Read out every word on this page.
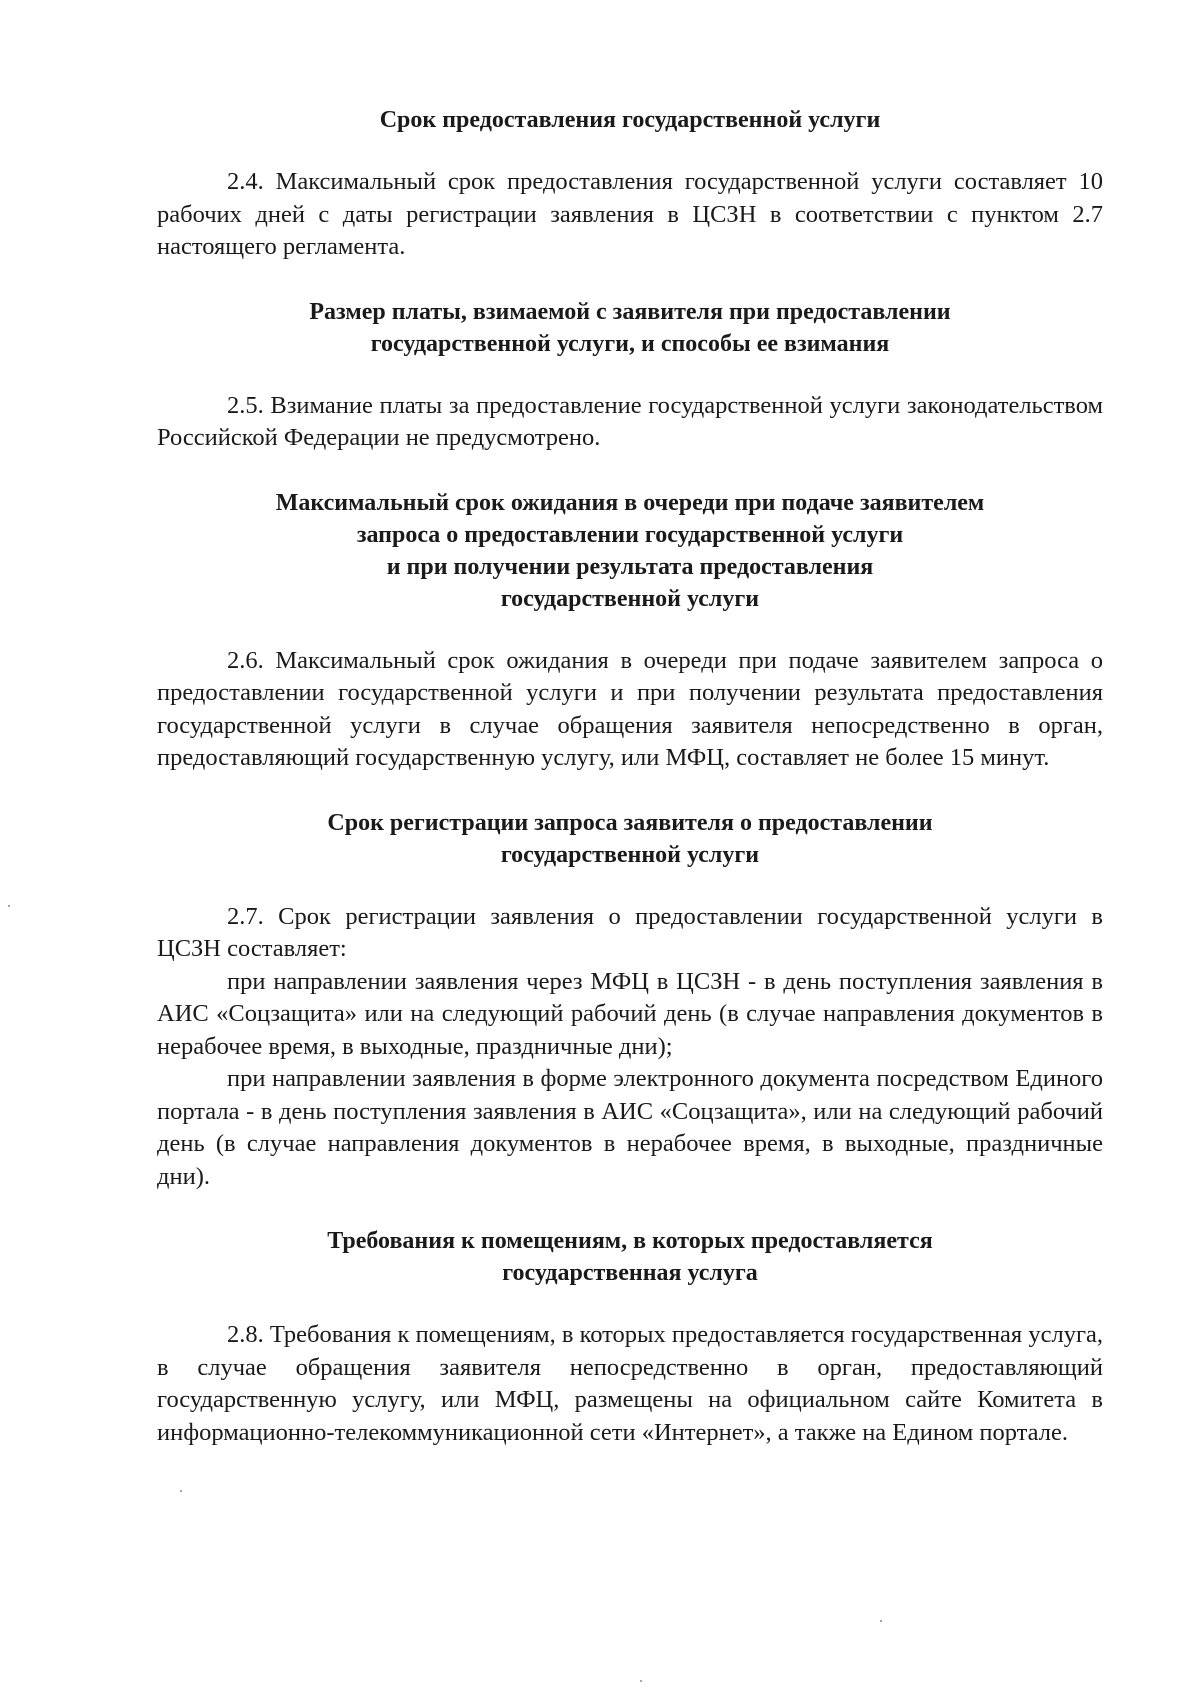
Срок предоставления государственной услуги

2.4. Максимальный срок предоставления государственной услуги составляет 10 рабочих дней с даты регистрации заявления в ЦСЗН в соответствии с пунктом 2.7 настоящего регламента.

Размер платы, взимаемой с заявителя при предоставлении
государственной услуги, и способы ее взимания

2.5. Взимание платы за предоставление государственной услуги законодательством Российской Федерации не предусмотрено.

Максимальный срок ожидания в очереди при подаче заявителем
запроса о предоставлении государственной услуги
и при получении результата предоставления
государственной услуги

2.6. Максимальный срок ожидания в очереди при подаче заявителем запроса о предоставлении государственной услуги и при получении результата предоставления государственной услуги в случае обращения заявителя непосредственно в орган, предоставляющий государственную услугу, или МФЦ, составляет не более 15 минут.

Срок регистрации запроса заявителя о предоставлении
государственной услуги

2.7. Срок регистрации заявления о предоставлении государственной услуги в ЦСЗН составляет:

при направлении заявления через МФЦ в ЦСЗН - в день поступления заявления в АИС «Соцзащита» или на следующий рабочий день (в случае направления документов в нерабочее время, в выходные, праздничные дни);

при направлении заявления в форме электронного документа посредством Единого портала - в день поступления заявления в АИС «Соцзащита», или на следующий рабочий день (в случае направления документов в нерабочее время, в выходные, праздничные дни).

Требования к помещениям, в которых предоставляется
государственная услуга

2.8. Требования к помещениям, в которых предоставляется государственная услуга, в случае обращения заявителя непосредственно в орган, предоставляющий государственную услугу, или МФЦ, размещены на официальном сайте Комитета в информационно-телекоммуникационной сети «Интернет», а также на Едином портале.
